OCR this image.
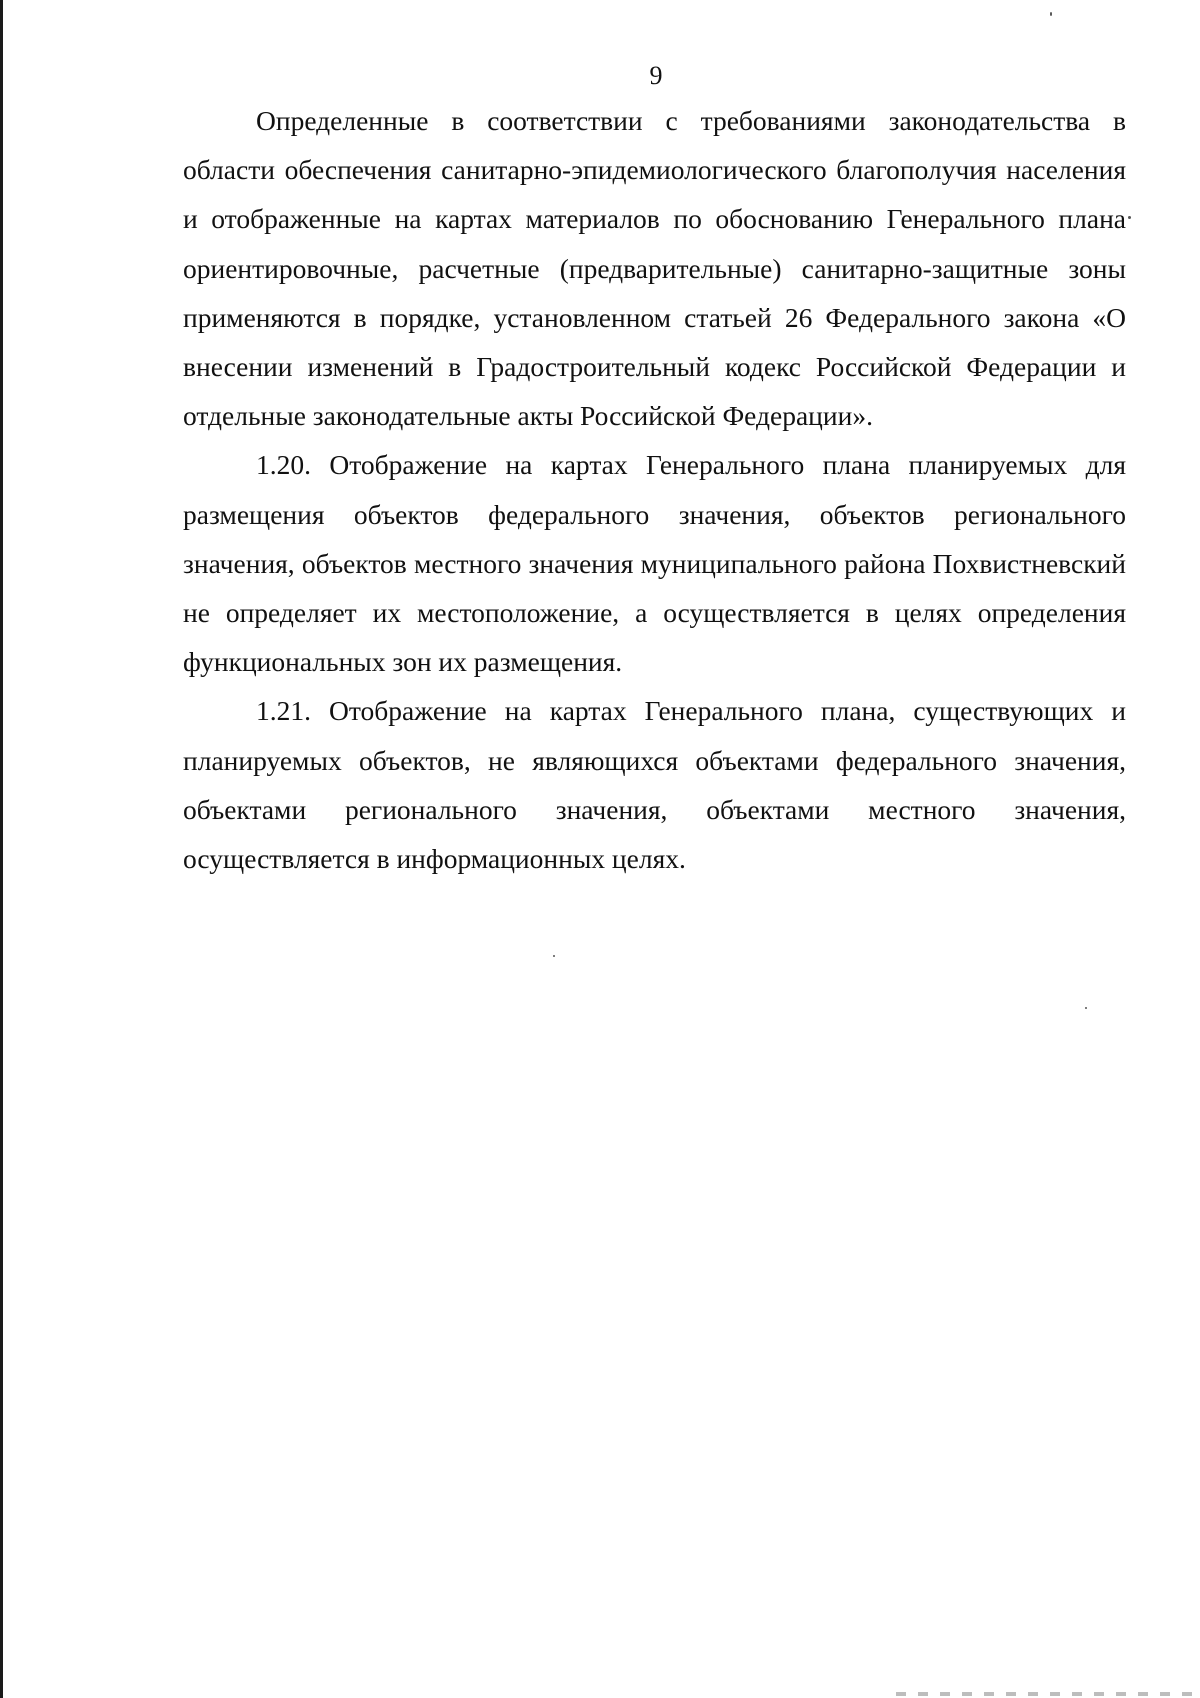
9

Определенные в соответствии с требованиями законодательства в области обеспечения санитарно-эпидемиологического благополучия населения и отображенные на картах материалов по обоснованию Генерального плана ориентировочные, расчетные (предварительные) санитарно-защитные зоны применяются в порядке, установленном статьей 26 Федерального закона «О внесении изменений в Градостроительный кодекс Российской Федерации и отдельные законодательные акты Российской Федерации».

1.20. Отображение на картах Генерального плана планируемых для размещения объектов федерального значения, объектов регионального значения, объектов местного значения муниципального района Похвистневский не определяет их местоположение, а осуществляется в целях определения функциональных зон их размещения.

1.21. Отображение на картах Генерального плана, существующих и планируемых объектов, не являющихся объектами федерального значения, объектами регионального значения, объектами местного значения, осуществляется в информационных целях.
